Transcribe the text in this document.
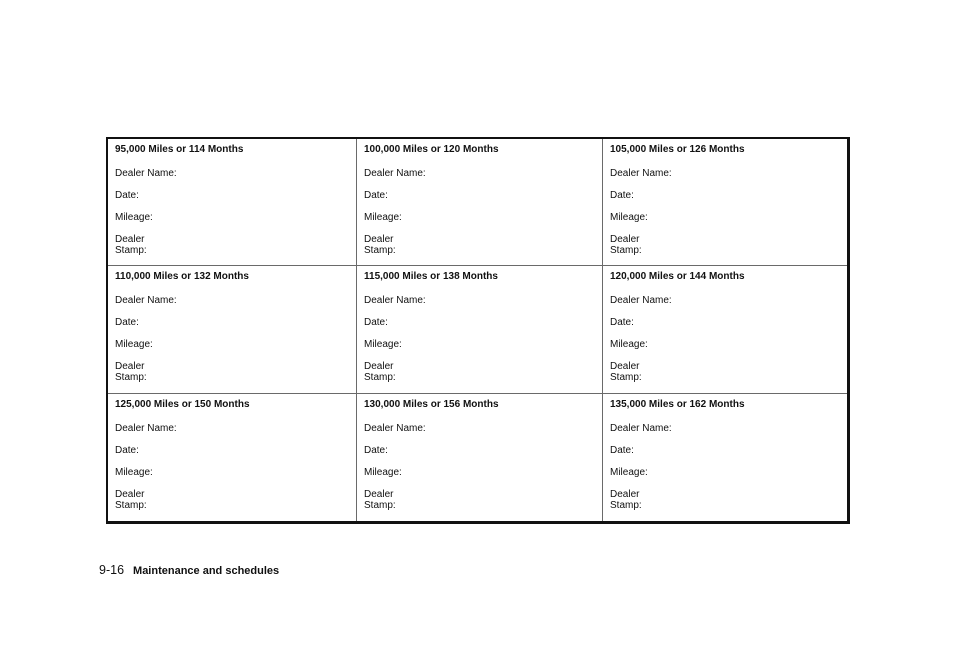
95,000 Miles or 114 Months
Dealer Name:
Date:
Mileage:
Dealer
Stamp:
100,000 Miles or 120 Months
Dealer Name:
Date:
Mileage:
Dealer
Stamp:
105,000 Miles or 126 Months
Dealer Name:
Date:
Mileage:
Dealer
Stamp:
110,000 Miles or 132 Months
Dealer Name:
Date:
Mileage:
Dealer
Stamp:
115,000 Miles or 138 Months
Dealer Name:
Date:
Mileage:
Dealer
Stamp:
120,000 Miles or 144 Months
Dealer Name:
Date:
Mileage:
Dealer
Stamp:
125,000 Miles or 150 Months
Dealer Name:
Date:
Mileage:
Dealer
Stamp:
130,000 Miles or 156 Months
Dealer Name:
Date:
Mileage:
Dealer
Stamp:
135,000 Miles or 162 Months
Dealer Name:
Date:
Mileage:
Dealer
Stamp:
9-16 Maintenance and schedules
